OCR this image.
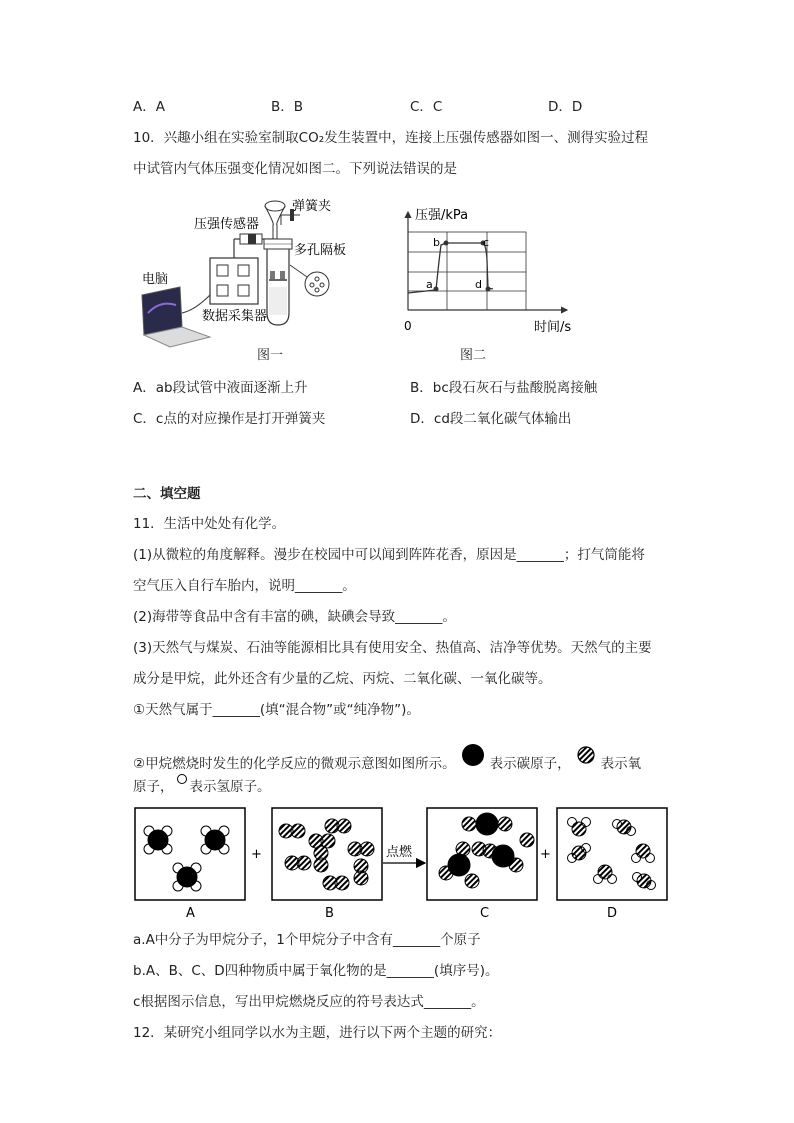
A．A	B．B	C．C	D．D
10．兴趣小组在实验室制取CO₂发生装置中，连接上压强传感器如图一、测得实验过程
中试管内气体压强变化情况如图二。下列说法错误的是
压强传感器
弹簧夹
多孔隔板
电脑
数据采集器
图一
a
b	c
d
压强/kPa
时间/s
0
图二
A．ab段试管中液面逐渐上升	B．bc段石灰石与盐酸脱离接触
C．c点的对应操作是打开弹簧夹	D．cd段二氧化碳气体输出
二、填空题
11．生活中处处有化学。
(1)从微粒的角度解释。漫步在校园中可以闻到阵阵花香，原因是_______；打气筒能将
空气压入自行车胎内，说明_______。
(2)海带等食品中含有丰富的碘，缺碘会导致_______。
(3)天然气与煤炭、石油等能源相比具有使用安全、热值高、洁净等优势。天然气的主要
成分是甲烷，此外还含有少量的乙烷、丙烷、二氧化碳、一氧化碳等。
①天然气属于_______(填“混合物”或“纯净物”)。
②甲烷燃烧时发生的化学反应的微观示意图如图所示。	表示碳原子， 表示氧
原子， 表示氢原子。
点燃
+	+
A	B	C	D
a.A中分子为甲烷分子，1个甲烷分子中含有_______个原子
b.A、B、C、D四种物质中属于氧化物的是_______(填序号)。
c根据图示信息，写出甲烷燃烧反应的符号表达式_______。
12．某研究小组同学以水为主题，进行以下两个主题的研究：
